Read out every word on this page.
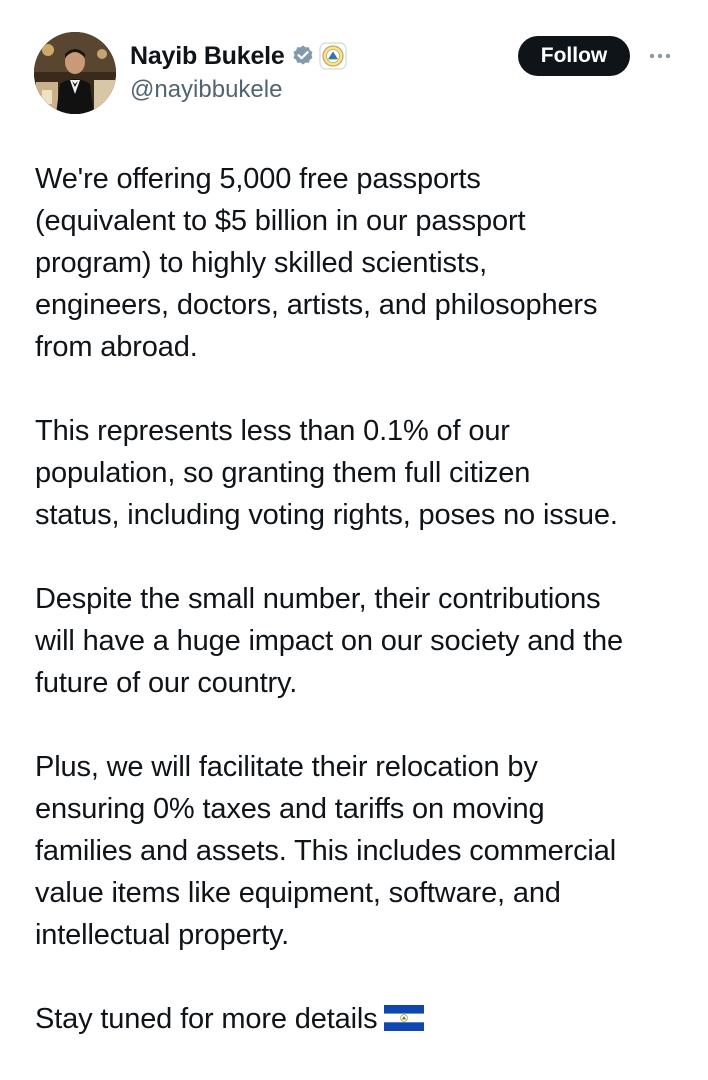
Nayib Bukele
@nayibbukele
Follow

We're offering 5,000 free passports
(equivalent to $5 billion in our passport
program) to highly skilled scientists,
engineers, doctors, artists, and philosophers
from abroad.

This represents less than 0.1% of our
population, so granting them full citizen
status, including voting rights, poses no issue.

Despite the small number, their contributions
will have a huge impact on our society and the
future of our country.

Plus, we will facilitate their relocation by
ensuring 0% taxes and tariffs on moving
families and assets. This includes commercial
value items like equipment, software, and
intellectual property.

Stay tuned for more details
